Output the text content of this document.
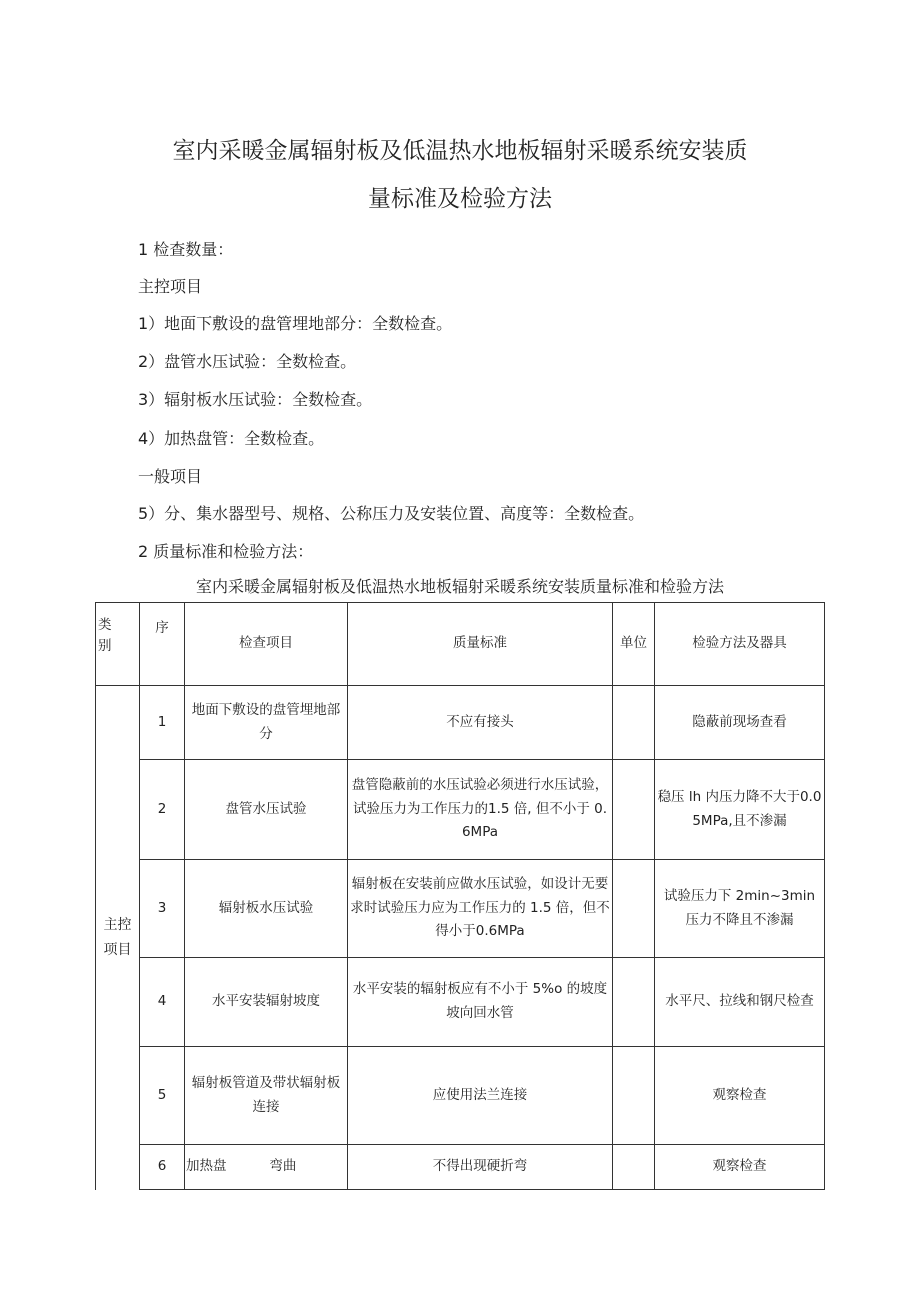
室内采暖金属辐射板及低温热水地板辐射采暖系统安装质
量标准及检验方法
1 检查数量：
主控项目
1）地面下敷设的盘管埋地部分：全数检查。
2）盘管水压试验：全数检查。
3）辐射板水压试验：全数检查。
4）加热盘管：全数检查。
一般项目
5）分、集水器型号、规格、公称压力及安装位置、高度等：全数检查。
2 质量标准和检验方法：
室内采暖金属辐射板及低温热水地板辐射采暖系统安装质量标准和检验方法
类
别	序	检查项目	质量标准	单位	检验方法及器具
主控
项目	1	地面下敷设的盘管埋地部分	不应有接头		隐蔽前现场查看
	2	盘管水压试验	盘管隐蔽前的水压试验必须进行水压试验，试验压力为工作压力的1.5 倍, 但不小于 0.6MPa		稳压 lh 内压力降不大于0.05MPa,且不渗漏
	3	辐射板水压试验	辐射板在安装前应做水压试验，如设计无要求时试验压力应为工作压力的 1.5 倍，但不得小于0.6MPa		试验压力下 2min~3min 压力不降且不渗漏
	4	水平安装辐射坡度	水平安装的辐射板应有不小于 5%o 的坡度坡向回水管		水平尺、拉线和钢尺检查
	5	辐射板管道及带状辐射板连接	应使用法兰连接		观察检查
	6	加热盘          弯曲	不得出现硬折弯		观察检查
